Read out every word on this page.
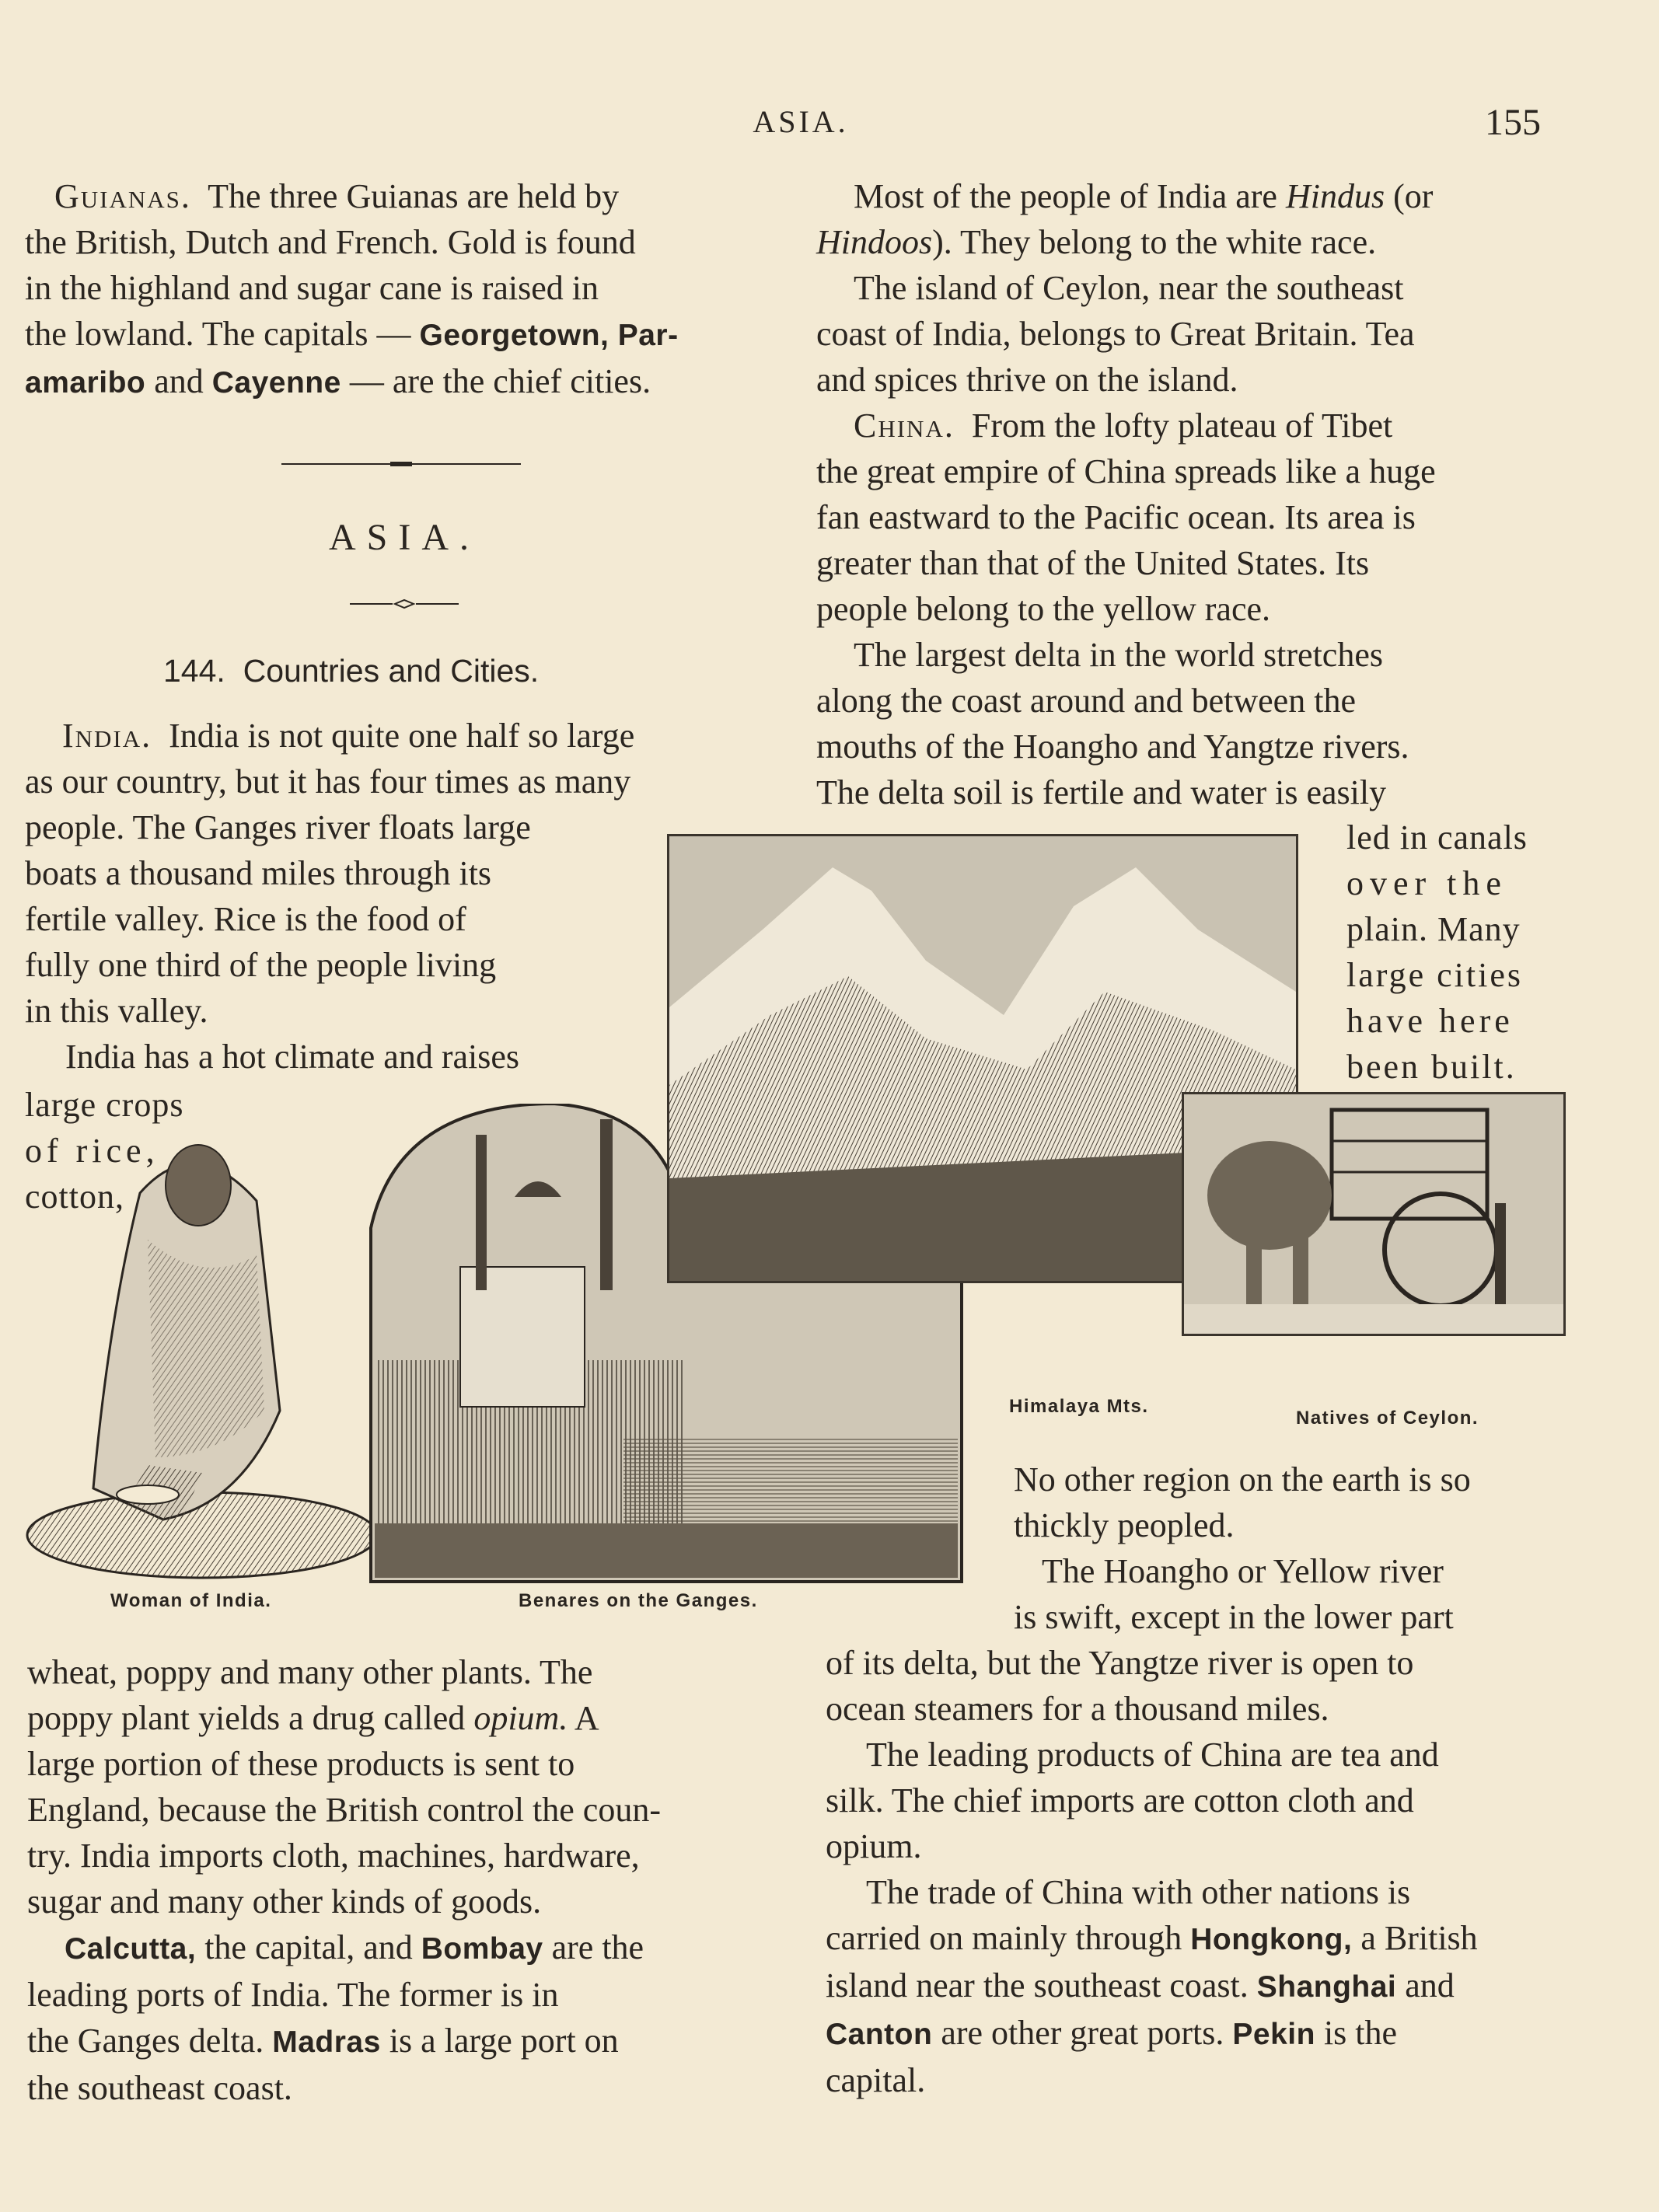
ASIA.	155

Guianas. The three Guianas are held by
the British, Dutch and French. Gold is found
in the highland and sugar cane is raised in
the lowland. The capitals — Georgetown, Par-
amaribo and Cayenne — are the chief cities.

ASIA.
144. Countries and Cities.

India. India is not quite one half so large
as our country, but it has four times as many

people. The Ganges river floats large
boats a thousand miles through its
fertile valley. Rice is the food of
fully one third of the people living
in this valley.

India has a hot climate and raises

large crops
of rice,
cotton,

Himalaya Mts.
Natives of Ceylon.
Woman of India.	Benares on the Ganges.

wheat, poppy and many other plants. The
poppy plant yields a drug called opium. A
large portion of these products is sent to
England, because the British control the coun-
try. India imports cloth, machines, hardware,
sugar and many other kinds of goods.

Calcutta, the capital, and Bombay are the
leading ports of India. The former is in
the Ganges delta. Madras is a large port on
the southeast coast.

Most of the people of India are Hindus (or
Hindoos). They belong to the white race.

The island of Ceylon, near the southeast
coast of India, belongs to Great Britain. Tea
and spices thrive on the island.

China. From the lofty plateau of Tibet
the great empire of China spreads like a huge
fan eastward to the Pacific ocean. Its area is
greater than that of the United States. Its
people belong to the yellow race.

The largest delta in the world stretches
along the coast around and between the
mouths of the Hoangho and Yangtze rivers.
The delta soil is fertile and water is easily

led in canals
over the
plain. Many
large cities
have here
been built.

No other region on the earth is so
thickly peopled.

The Hoangho or Yellow river
is swift, except in the lower part

of its delta, but the Yangtze river is open to
ocean steamers for a thousand miles.

The leading products of China are tea and
silk. The chief imports are cotton cloth and
opium.

The trade of China with other nations is
carried on mainly through Hongkong, a British
island near the southeast coast. Shanghai and
Canton are other great ports. Pekin is the
capital.
